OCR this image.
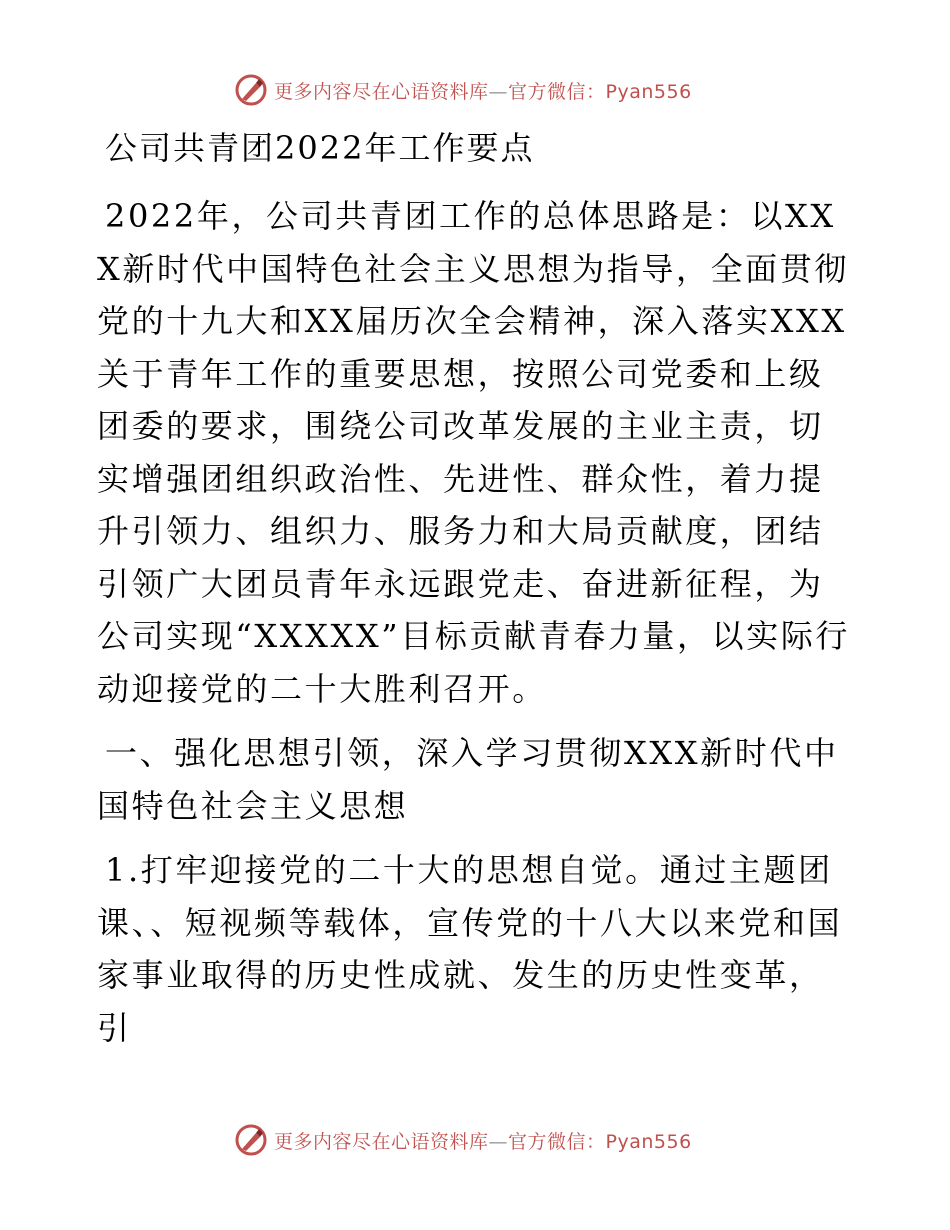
更多内容尽在心语资料库—官方微信：Pyan556
公司共青团2022年工作要点

2022年，公司共青团工作的总体思路是：以XXX新时代中国特色社会主义思想为指导，全面贯彻党的十九大和XX届历次全会精神，深入落实XXX关于青年工作的重要思想，按照公司党委和上级团委的要求，围绕公司改革发展的主业主责，切实增强团组织政治性、先进性、群众性，着力提升引领力、组织力、服务力和大局贡献度，团结引领广大团员青年永远跟党走、奋进新征程，为公司实现“XXXXX”目标贡献青春力量，以实际行动迎接党的二十大胜利召开。

一、强化思想引领，深入学习贯彻XXX新时代中国特色社会主义思想

1.打牢迎接党的二十大的思想自觉。通过主题团课、、短视频等载体，宣传党的十八大以来党和国家事业取得的历史性成就、发生的历史性变革，引

更多内容尽在心语资料库—官方微信：Pyan556
